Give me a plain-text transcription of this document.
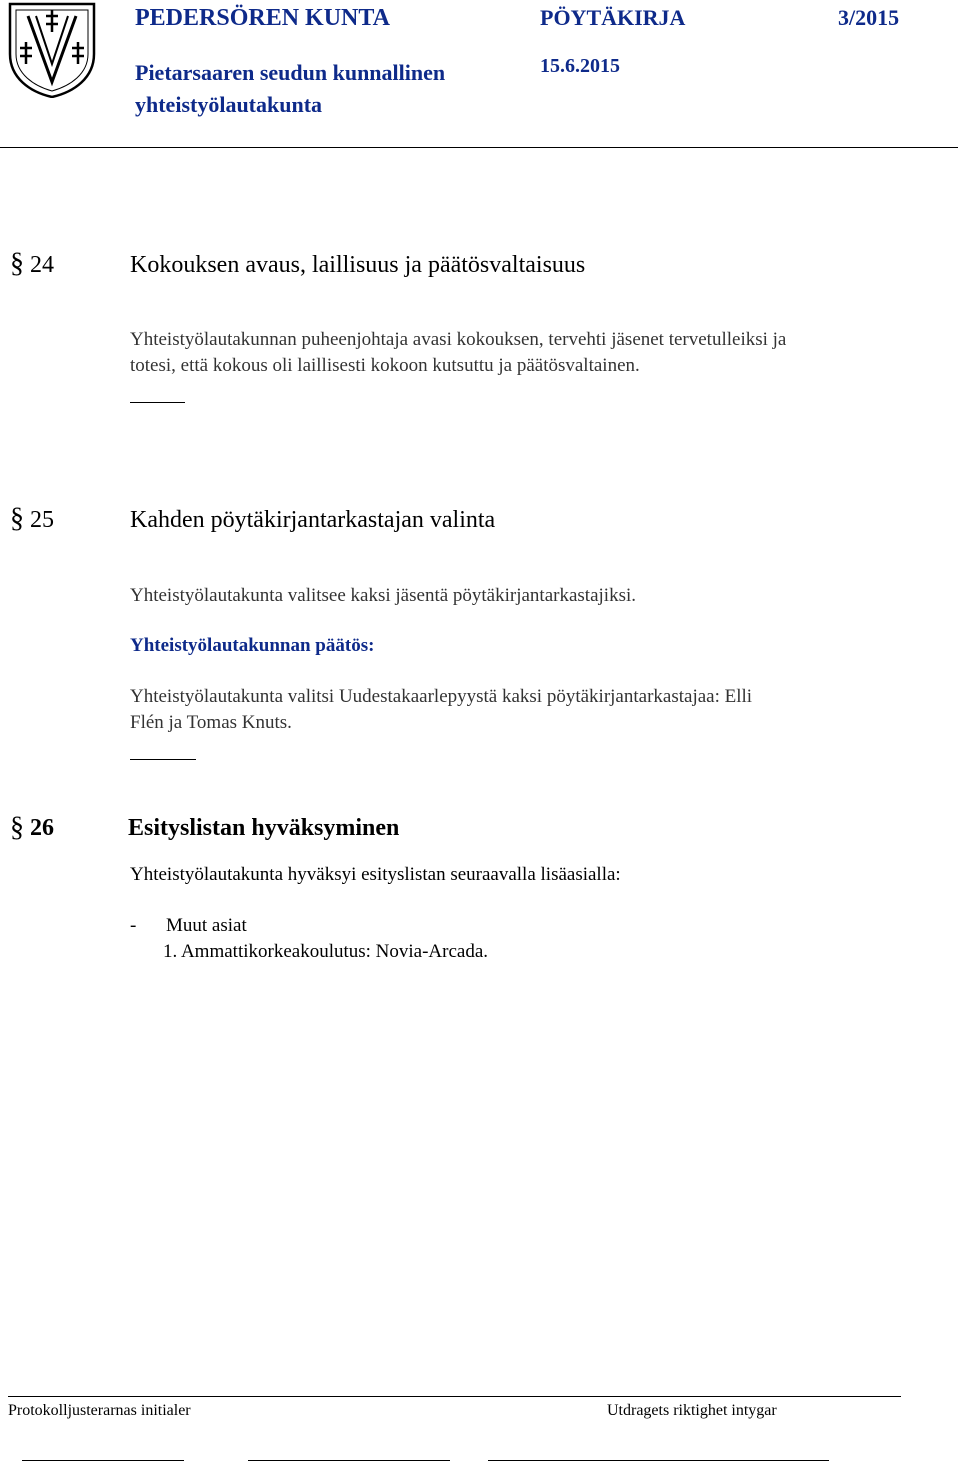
PEDERSÖREN KUNTA
Pietarsaaren seudun kunnallinen
yhteistyölautakunta
PÖYTÄKIRJA	3/2015
15.6.2015
§ 24	Kokouksen avaus, laillisuus ja päätösvaltaisuus
Yhteistyölautakunnan puheenjohtaja avasi kokouksen, tervehti jäsenet tervetulleiksi ja
totesi, että kokous oli laillisesti kokoon kutsuttu ja päätösvaltainen.
§ 25	Kahden pöytäkirjantarkastajan valinta
Yhteistyölautakunta valitsee kaksi jäsentä pöytäkirjantarkastajiksi.
Yhteistyölautakunnan päätös:
Yhteistyölautakunta valitsi Uudestakaarlepyystä kaksi pöytäkirjantarkastajaa: Elli
Flén ja Tomas Knuts.
§ 26	Esityslistan hyväksyminen
Yhteistyölautakunta hyväksyi esityslistan seuraavalla lisäasialla:
- Muut asiat
1. Ammattikorkeakoulutus: Novia-Arcada.
Protokolljusterarnas initialer	Utdragets riktighet intygar
